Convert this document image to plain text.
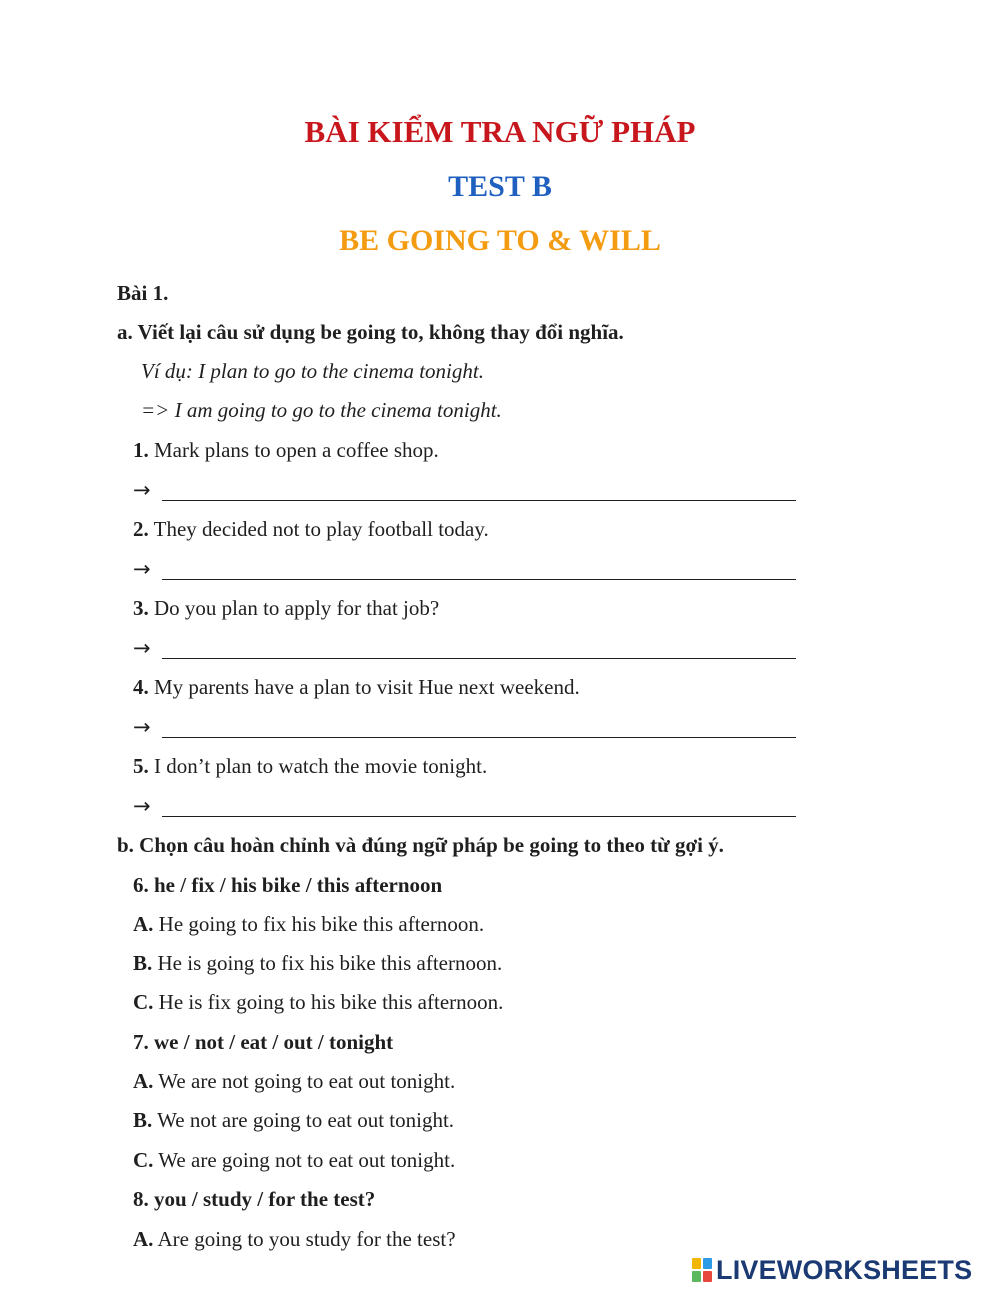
BÀI KIỂM TRA NGỮ PHÁP
TEST B
BE GOING TO & WILL
Bài 1.
a. Viết lại câu sử dụng be going to, không thay đổi nghĩa.
Ví dụ: I plan to go to the cinema tonight.
=> I am going to go to the cinema tonight.
1. Mark plans to open a coffee shop.
→
2. They decided not to play football today.
→
3. Do you plan to apply for that job?
→
4. My parents have a plan to visit Hue next weekend.
→
5. I don’t plan to watch the movie tonight.
→
b. Chọn câu hoàn chỉnh và đúng ngữ pháp be going to theo từ gợi ý.
6. he / fix / his bike / this afternoon
A. He going to fix his bike this afternoon.
B. He is going to fix his bike this afternoon.
C. He is fix going to his bike this afternoon.
7. we / not / eat / out / tonight
A. We are not going to eat out tonight.
B. We not are going to eat out tonight.
C. We are going not to eat out tonight.
8. you / study / for the test?
A. Are going to you study for the test?
LIVEWORKSHEETS
